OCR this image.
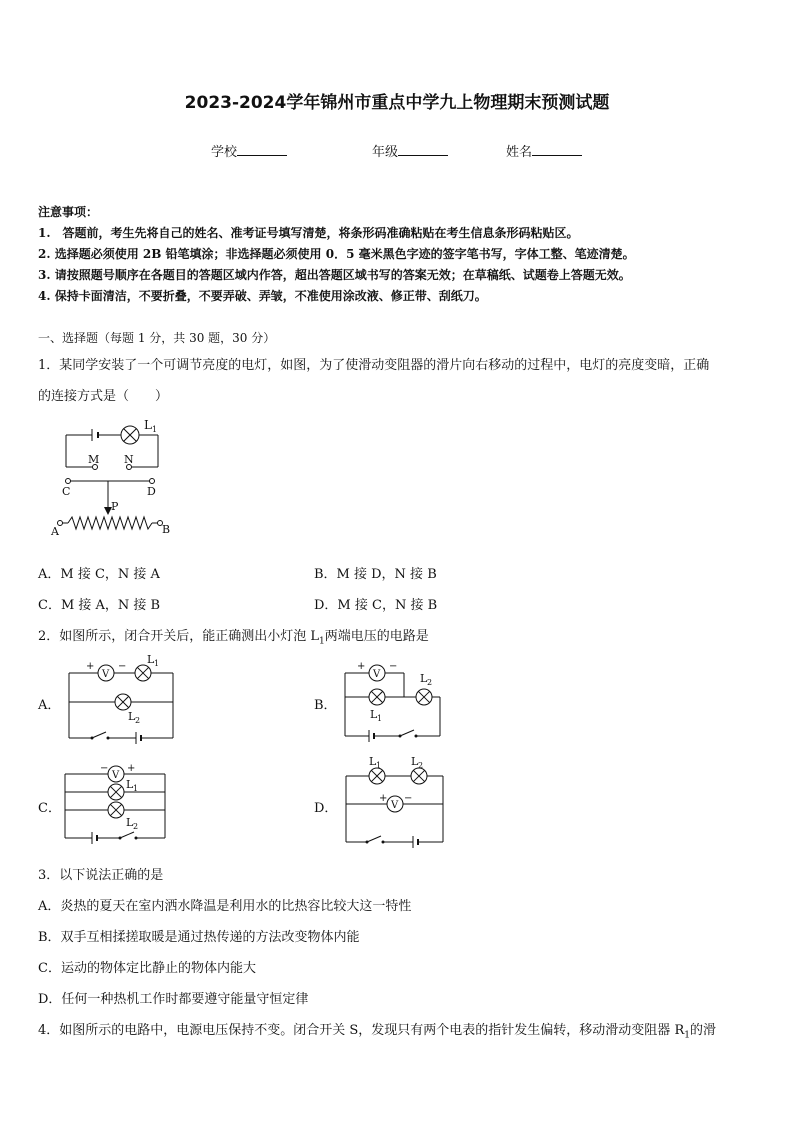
2023-2024学年锦州市重点中学九上物理期末预测试题
学校	年级	姓名
注意事项：
1.　答题前，考生先将自己的姓名、准考证号填写清楚，将条形码准确粘贴在考生信息条形码粘贴区。
2. 选择题必须使用 2B 铅笔填涂；非选择题必须使用 0．5 毫米黑色字迹的签字笔书写，字体工整、笔迹清楚。
3. 请按照题号顺序在各题目的答题区域内作答，超出答题区域书写的答案无效；在草稿纸、试题卷上答题无效。
4. 保持卡面清洁，不要折叠，不要弄破、弄皱，不准使用涂改液、修正带、刮纸刀。
一、选择题（每题 1 分，共 30 题，30 分）
1．某同学安装了一个可调节亮度的电灯，如图，为了使滑动变阻器的滑片向右移动的过程中，电灯的亮度变暗，正确
的连接方式是（　　）
L 1
M N
C	D
P
A	B
A．M 接 C，N 接 A	B．M 接 D，N 接 B
C．M 接 A，N 接 B	D．M 接 C，N 接 B
2．如图所示，闭合开关后，能正确测出小灯泡 $L_1$两端电压的电路是
A．	B．
C．	D．
V
+ −
L 1
L 2
V
+ −
L 2
L 1
V
− +
L 1
L 2
V
+ −
L 1	L 2
3．以下说法正确的是
A．炎热的夏天在室内洒水降温是利用水的比热容比较大这一特性
B．双手互相揉搓取暖是通过热传递的方法改变物体内能
C．运动的物体定比静止的物体内能大
D．任何一种热机工作时都要遵守能量守恒定律
4．如图所示的电路中，电源电压保持不变。闭合开关 S，发现只有两个电表的指针发生偏转，移动滑动变阻器 $R_1$的滑
